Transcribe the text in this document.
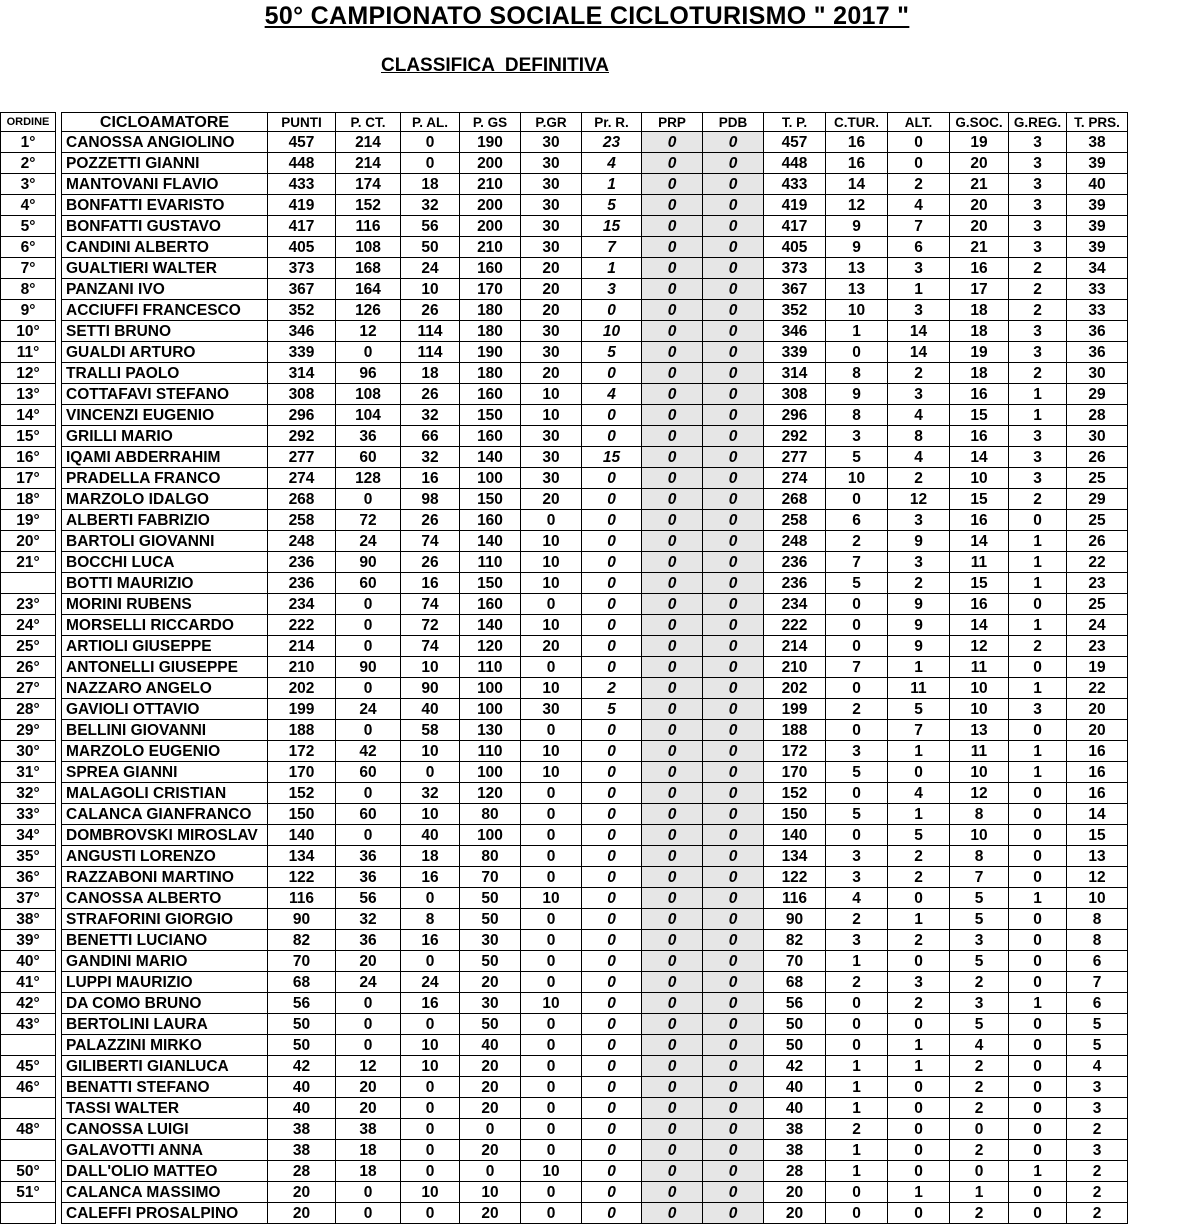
50° CAMPIONATO SOCIALE CICLOTURISMO " 2017 "
CLASSIFICA  DEFINITIVA
ORDINE		CICLOAMATORE	PUNTI	P. CT.	P. AL.	P. GS	P.GR	Pr. R.	PRP	PDB	T. P.	C.TUR.	ALT.	G.SOC.	G.REG.	T. PRS.
1°		CANOSSA ANGIOLINO	457	214	0	190	30	23	0	0	457	16	0	19	3	38
2°		POZZETTI GIANNI	448	214	0	200	30	4	0	0	448	16	0	20	3	39
3°		MANTOVANI FLAVIO	433	174	18	210	30	1	0	0	433	14	2	21	3	40
4°		BONFATTI EVARISTO	419	152	32	200	30	5	0	0	419	12	4	20	3	39
5°		BONFATTI GUSTAVO	417	116	56	200	30	15	0	0	417	9	7	20	3	39
6°		CANDINI ALBERTO	405	108	50	210	30	7	0	0	405	9	6	21	3	39
7°		GUALTIERI WALTER	373	168	24	160	20	1	0	0	373	13	3	16	2	34
8°		PANZANI IVO	367	164	10	170	20	3	0	0	367	13	1	17	2	33
9°		ACCIUFFI FRANCESCO	352	126	26	180	20	0	0	0	352	10	3	18	2	33
10°		SETTI BRUNO	346	12	114	180	30	10	0	0	346	1	14	18	3	36
11°		GUALDI ARTURO	339	0	114	190	30	5	0	0	339	0	14	19	3	36
12°		TRALLI PAOLO	314	96	18	180	20	0	0	0	314	8	2	18	2	30
13°		COTTAFAVI STEFANO	308	108	26	160	10	4	0	0	308	9	3	16	1	29
14°		VINCENZI EUGENIO	296	104	32	150	10	0	0	0	296	8	4	15	1	28
15°		GRILLI MARIO	292	36	66	160	30	0	0	0	292	3	8	16	3	30
16°		IQAMI ABDERRAHIM	277	60	32	140	30	15	0	0	277	5	4	14	3	26
17°		PRADELLA FRANCO	274	128	16	100	30	0	0	0	274	10	2	10	3	25
18°		MARZOLO IDALGO	268	0	98	150	20	0	0	0	268	0	12	15	2	29
19°		ALBERTI FABRIZIO	258	72	26	160	0	0	0	0	258	6	3	16	0	25
20°		BARTOLI GIOVANNI	248	24	74	140	10	0	0	0	248	2	9	14	1	26
21°		BOCCHI LUCA	236	90	26	110	10	0	0	0	236	7	3	11	1	22
		BOTTI MAURIZIO	236	60	16	150	10	0	0	0	236	5	2	15	1	23
23°		MORINI RUBENS	234	0	74	160	0	0	0	0	234	0	9	16	0	25
24°		MORSELLI RICCARDO	222	0	72	140	10	0	0	0	222	0	9	14	1	24
25°		ARTIOLI GIUSEPPE	214	0	74	120	20	0	0	0	214	0	9	12	2	23
26°		ANTONELLI GIUSEPPE	210	90	10	110	0	0	0	0	210	7	1	11	0	19
27°		NAZZARO ANGELO	202	0	90	100	10	2	0	0	202	0	11	10	1	22
28°		GAVIOLI OTTAVIO	199	24	40	100	30	5	0	0	199	2	5	10	3	20
29°		BELLINI GIOVANNI	188	0	58	130	0	0	0	0	188	0	7	13	0	20
30°		MARZOLO EUGENIO	172	42	10	110	10	0	0	0	172	3	1	11	1	16
31°		SPREA GIANNI	170	60	0	100	10	0	0	0	170	5	0	10	1	16
32°		MALAGOLI CRISTIAN	152	0	32	120	0	0	0	0	152	0	4	12	0	16
33°		CALANCA GIANFRANCO	150	60	10	80	0	0	0	0	150	5	1	8	0	14
34°		DOMBROVSKI MIROSLAV	140	0	40	100	0	0	0	0	140	0	5	10	0	15
35°		ANGUSTI LORENZO	134	36	18	80	0	0	0	0	134	3	2	8	0	13
36°		RAZZABONI MARTINO	122	36	16	70	0	0	0	0	122	3	2	7	0	12
37°		CANOSSA ALBERTO	116	56	0	50	10	0	0	0	116	4	0	5	1	10
38°		STRAFORINI GIORGIO	90	32	8	50	0	0	0	0	90	2	1	5	0	8
39°		BENETTI LUCIANO	82	36	16	30	0	0	0	0	82	3	2	3	0	8
40°		GANDINI MARIO	70	20	0	50	0	0	0	0	70	1	0	5	0	6
41°		LUPPI MAURIZIO	68	24	24	20	0	0	0	0	68	2	3	2	0	7
42°		DA COMO BRUNO	56	0	16	30	10	0	0	0	56	0	2	3	1	6
43°		BERTOLINI LAURA	50	0	0	50	0	0	0	0	50	0	0	5	0	5
		PALAZZINI MIRKO	50	0	10	40	0	0	0	0	50	0	1	4	0	5
45°		GILIBERTI GIANLUCA	42	12	10	20	0	0	0	0	42	1	1	2	0	4
46°		BENATTI STEFANO	40	20	0	20	0	0	0	0	40	1	0	2	0	3
		TASSI WALTER	40	20	0	20	0	0	0	0	40	1	0	2	0	3
48°		CANOSSA LUIGI	38	38	0	0	0	0	0	0	38	2	0	0	0	2
		GALAVOTTI ANNA	38	18	0	20	0	0	0	0	38	1	0	2	0	3
50°		DALL'OLIO MATTEO	28	18	0	0	10	0	0	0	28	1	0	0	1	2
51°		CALANCA MASSIMO	20	0	10	10	0	0	0	0	20	0	1	1	0	2
		CALEFFI PROSALPINO	20	0	0	20	0	0	0	0	20	0	0	2	0	2
